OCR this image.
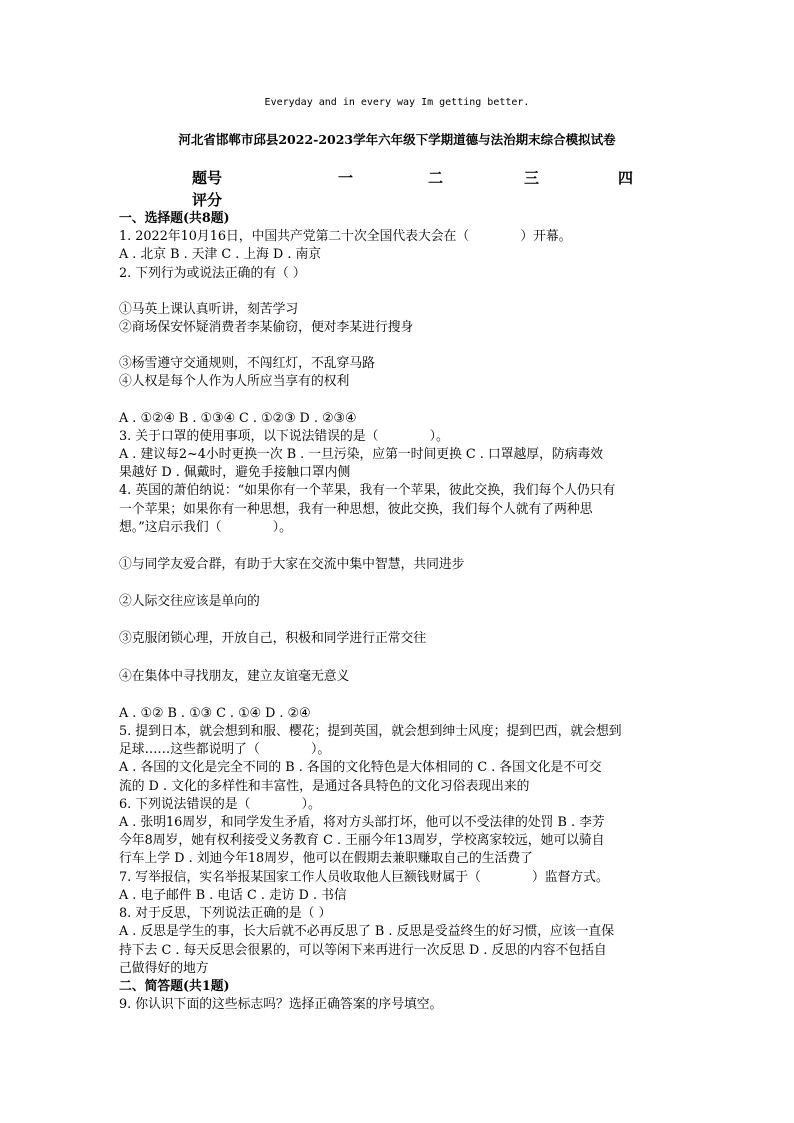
Everyday and in every way Im getting better.
河北省邯郸市邱县2022-2023学年六年级下学期道德与法治期末综合模拟试卷
题号	一	二	三	四
评分

一、选择题(共8题)

1. 2022年10月16日，中国共产党第二十次全国代表大会在（　　　　）开幕。

A . 北京 B . 天津 C . 上海 D . 南京

2. 下列行为或说法正确的有（ ）

①马英上课认真听讲，刻苦学习

②商场保安怀疑消费者李某偷窃，便对李某进行搜身

③杨雪遵守交通规则，不闯红灯，不乱穿马路

④人权是每个人作为人所应当享有的权利

A . ①②④ B . ①③④ C . ①②③ D . ②③④

3. 关于口罩的使用事项，以下说法错误的是（　　　　）。

A . 建议每2~4小时更换一次 B . 一旦污染，应第一时间更换 C . 口罩越厚，防病毒效

果越好 D . 佩戴时，避免手接触口罩内侧

4. 英国的萧伯纳说：“如果你有一个苹果，我有一个苹果，彼此交换，我们每个人仍只有

一个苹果；如果你有一种思想，我有一种思想，彼此交换，我们每个人就有了两种思

想。”这启示我们（　　　　）。

①与同学友爱合群，有助于大家在交流中集中智慧，共同进步

②人际交往应该是单向的

③克服闭锁心理，开放自己，积极和同学进行正常交往

④在集体中寻找朋友，建立友谊毫无意义

A . ①② B . ①③ C . ①④ D . ②④

5. 提到日本，就会想到和服、樱花；提到英国，就会想到绅士风度；提到巴西，就会想到

足球……这些都说明了（　　　　）。

A . 各国的文化是完全不同的 B . 各国的文化特色是大体相同的 C . 各国文化是不可交

流的 D . 文化的多样性和丰富性，是通过各具特色的文化习俗表现出来的

6. 下列说法错误的是（　　　　）。

A . 张明16周岁，和同学发生矛盾，将对方头部打坏，他可以不受法律的处罚 B . 李芳

今年8周岁，她有权利接受义务教育 C . 王丽今年13周岁，学校离家较远，她可以骑自

行车上学 D . 刘迪今年18周岁，他可以在假期去兼职赚取自己的生活费了

7. 写举报信，实名举报某国家工作人员收取他人巨额钱财属于（　　　　）监督方式。

A . 电子邮件 B . 电话 C . 走访 D . 书信

8. 对于反思，下列说法正确的是（ ）

A . 反思是学生的事，长大后就不必再反思了 B . 反思是受益终生的好习惯，应该一直保

持下去 C . 每天反思会很累的，可以等闲下来再进行一次反思 D . 反思的内容不包括自

己做得好的地方

二、简答题(共1题)

9. 你认识下面的这些标志吗？选择正确答案的序号填空。
